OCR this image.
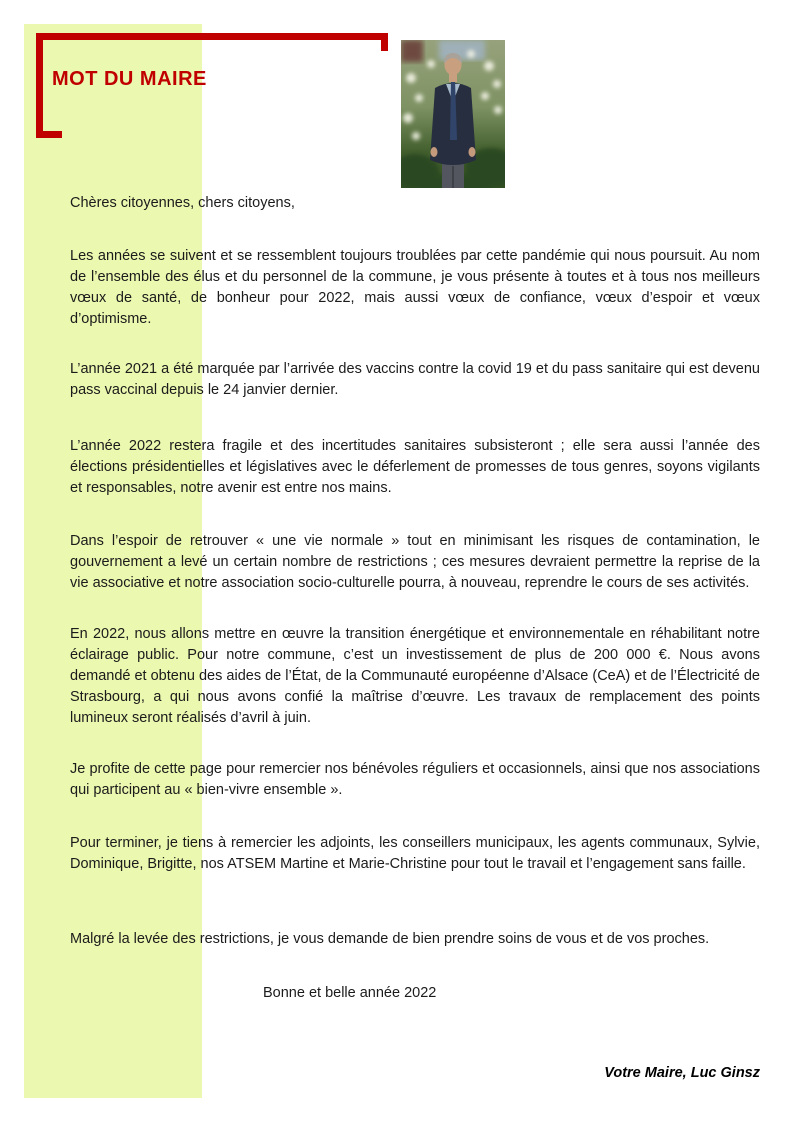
MOT DU MAIRE

Chères citoyennes, chers citoyens,

Les années se suivent et se ressemblent toujours troublées par cette pandémie qui nous poursuit. Au nom de l’ensemble des élus et du personnel de la commune, je vous présente à toutes et à tous nos meilleurs vœux de santé, de bonheur pour 2022, mais aussi vœux de confiance, vœux d’espoir et vœux d’optimisme.

L’année 2021 a été marquée par l’arrivée des vaccins contre la covid 19 et du pass sanitaire qui est devenu pass vaccinal depuis le 24 janvier dernier.

L’année 2022 restera fragile et des incertitudes sanitaires subsisteront ; elle sera aussi l’année des élections présidentielles et législatives avec le déferlement de promesses de tous genres, soyons vigilants et responsables, notre avenir est entre nos mains.

Dans l’espoir de retrouver « une vie normale » tout en minimisant les risques de contamination, le gouvernement a levé un certain nombre de restrictions ; ces mesures devraient permettre la reprise de la vie associative et notre association socio-culturelle pourra, à nouveau, reprendre le cours de ses activités.

En 2022, nous allons mettre en œuvre la transition énergétique et environnementale en réhabilitant notre éclairage public. Pour notre commune, c’est un investissement de plus de 200 000 €. Nous avons demandé et obtenu des aides de l’État, de la Communauté européenne d’Alsace (CeA) et de l’Électricité de Strasbourg, a qui nous avons confié la maîtrise d’œuvre. Les travaux de remplacement des points lumineux seront réalisés d’avril à juin.

Je profite de cette page pour remercier nos bénévoles réguliers et occasionnels, ainsi que nos associations qui participent au « bien-vivre ensemble ».

Pour terminer, je tiens à remercier les adjoints, les conseillers municipaux, les agents communaux, Sylvie, Dominique, Brigitte, nos ATSEM Martine et Marie-Christine pour tout le travail et l’engagement sans faille.

Malgré la levée des restrictions, je vous demande de bien prendre soins de vous et de vos proches.

Bonne et belle année 2022

Votre Maire, Luc Ginsz
